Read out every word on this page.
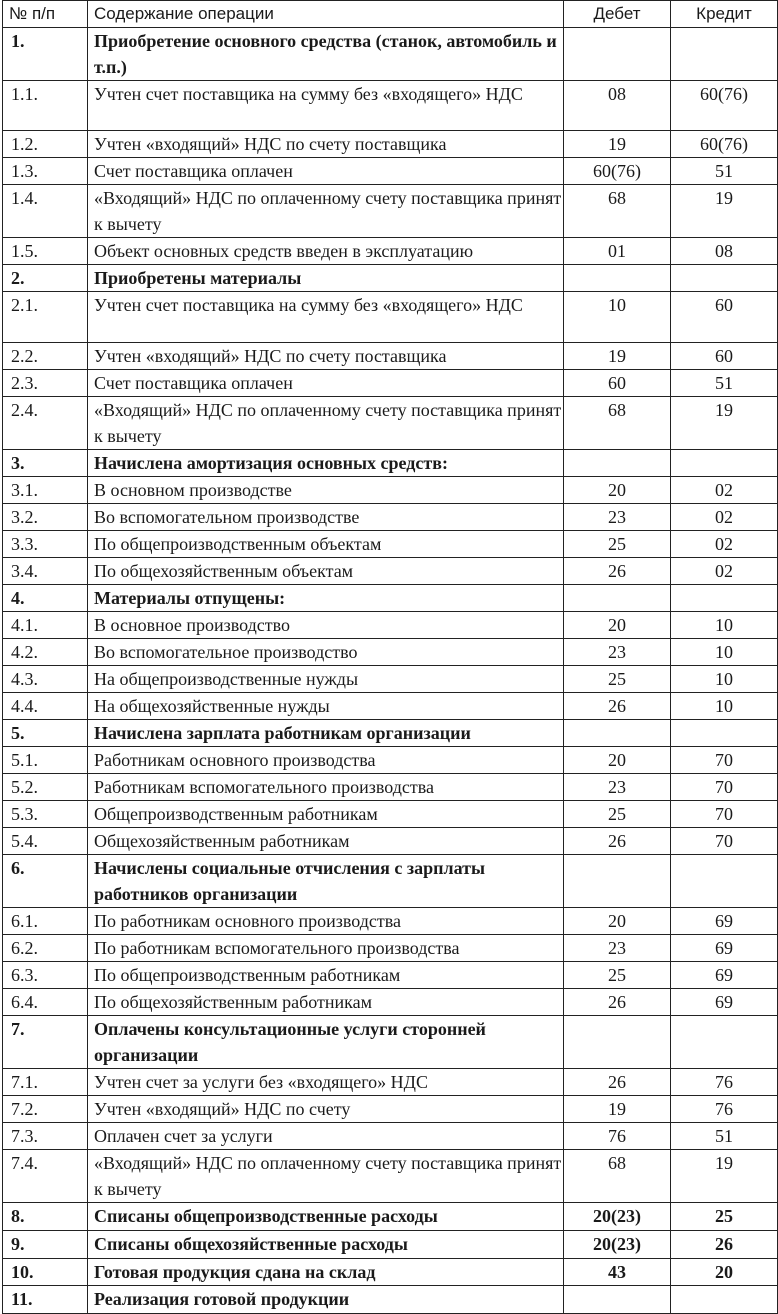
№ п/п	Содержание операции	Дебет	Кредит
1.	Приобретение основного средства (станок, автомобиль и т.п.)		
1.1.	Учтен счет поставщика на сумму без «входящего» НДС	08	60(76)
1.2.	Учтен «входящий» НДС по счету поставщика	19	60(76)
1.3.	Счет поставщика оплачен	60(76)	51
1.4.	«Входящий» НДС по оплаченному счету поставщика принят к вычету	68	19
1.5.	Объект основных средств введен в эксплуатацию	01	08
2.	Приобретены материалы		
2.1.	Учтен счет поставщика на сумму без «входящего» НДС	10	60
2.2.	Учтен «входящий» НДС по счету поставщика	19	60
2.3.	Счет поставщика оплачен	60	51
2.4.	«Входящий» НДС по оплаченному счету поставщика принят к вычету	68	19
3.	Начислена амортизация основных средств:		
3.1.	В основном производстве	20	02
3.2.	Во вспомогательном производстве	23	02
3.3.	По общепроизводственным объектам	25	02
3.4.	По общехозяйственным объектам	26	02
4.	Материалы отпущены:		
4.1.	В основное производство	20	10
4.2.	Во вспомогательное производство	23	10
4.3.	На общепроизводственные нужды	25	10
4.4.	На общехозяйственные нужды	26	10
5.	Начислена зарплата работникам организации		
5.1.	Работникам основного производства	20	70
5.2.	Работникам вспомогательного производства	23	70
5.3.	Общепроизводственным работникам	25	70
5.4.	Общехозяйственным работникам	26	70
6.	Начислены социальные отчисления с зарплаты работников организации		
6.1.	По работникам основного производства	20	69
6.2.	По работникам вспомогательного производства	23	69
6.3.	По общепроизводственным работникам	25	69
6.4.	По общехозяйственным работникам	26	69
7.	Оплачены консультационные услуги сторонней организации		
7.1.	Учтен счет за услуги без «входящего» НДС	26	76
7.2.	Учтен «входящий» НДС по счету	19	76
7.3.	Оплачен счет за услуги	76	51
7.4.	«Входящий» НДС по оплаченному счету поставщика принят к вычету	68	19
8.	Списаны общепроизводственные расходы	20(23)	25
9.	Списаны общехозяйственные расходы	20(23)	26
10.	Готовая продукция сдана на склад	43	20
11.	Реализация готовой продукции		
